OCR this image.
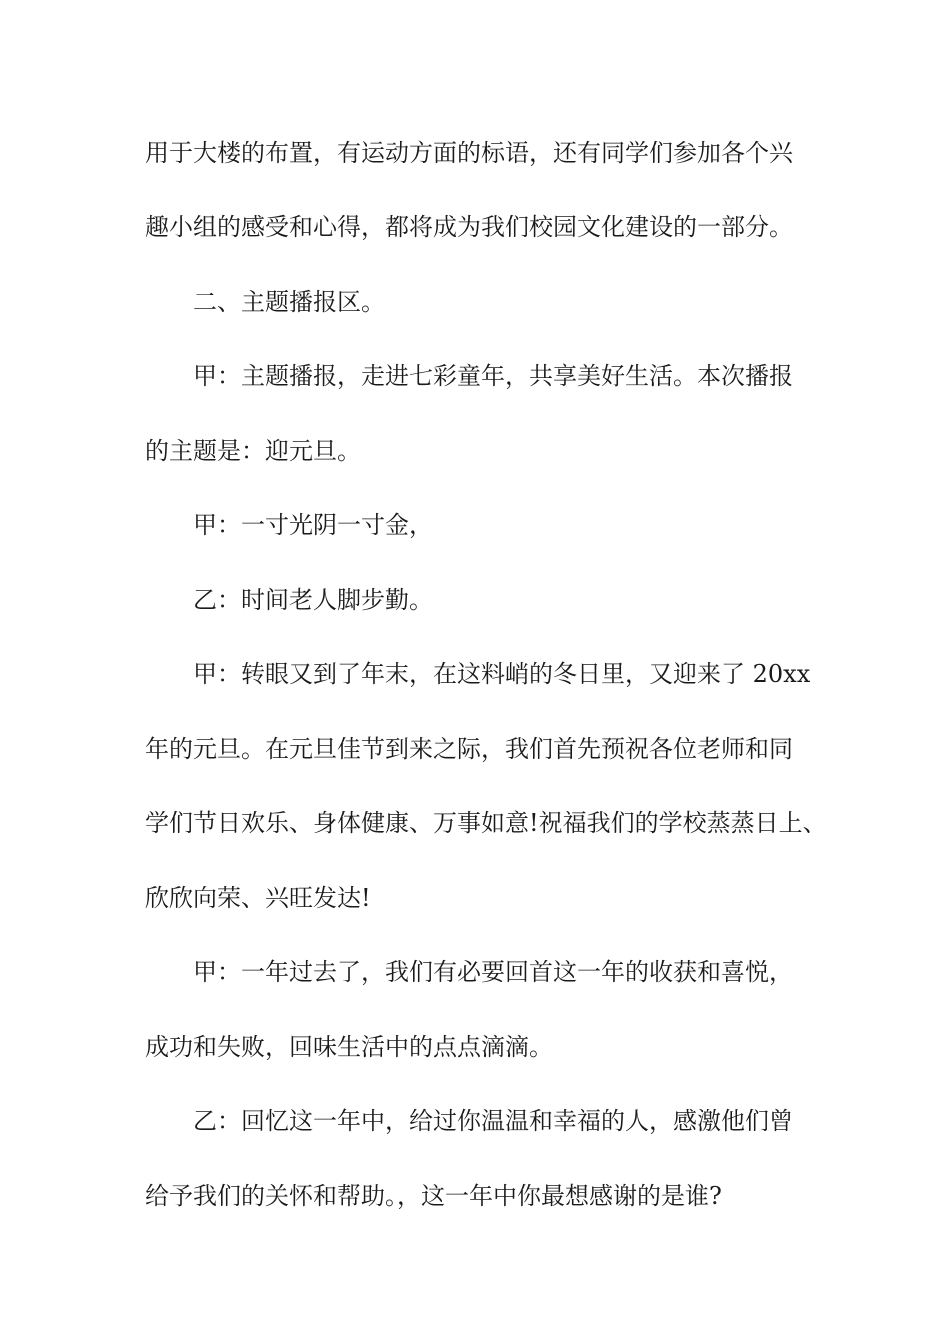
用于大楼的布置，有运动方面的标语，还有同学们参加各个兴
趣小组的感受和心得，都将成为我们校园文化建设的一部分。
二、主题播报区。
甲：主题播报，走进七彩童年，共享美好生活。本次播报
的主题是：迎元旦。
甲：一寸光阴一寸金，
乙：时间老人脚步勤。
甲：转眼又到了年末，在这料峭的冬日里，又迎来了 20xx
年的元旦。在元旦佳节到来之际，我们首先预祝各位老师和同
学们节日欢乐、身体健康、万事如意!祝福我们的学校蒸蒸日上、
欣欣向荣、兴旺发达!
甲：一年过去了，我们有必要回首这一年的收获和喜悦，
成功和失败，回味生活中的点点滴滴。
乙：回忆这一年中，给过你温温和幸福的人，感激他们曾
给予我们的关怀和帮助。，这一年中你最想感谢的是谁?
